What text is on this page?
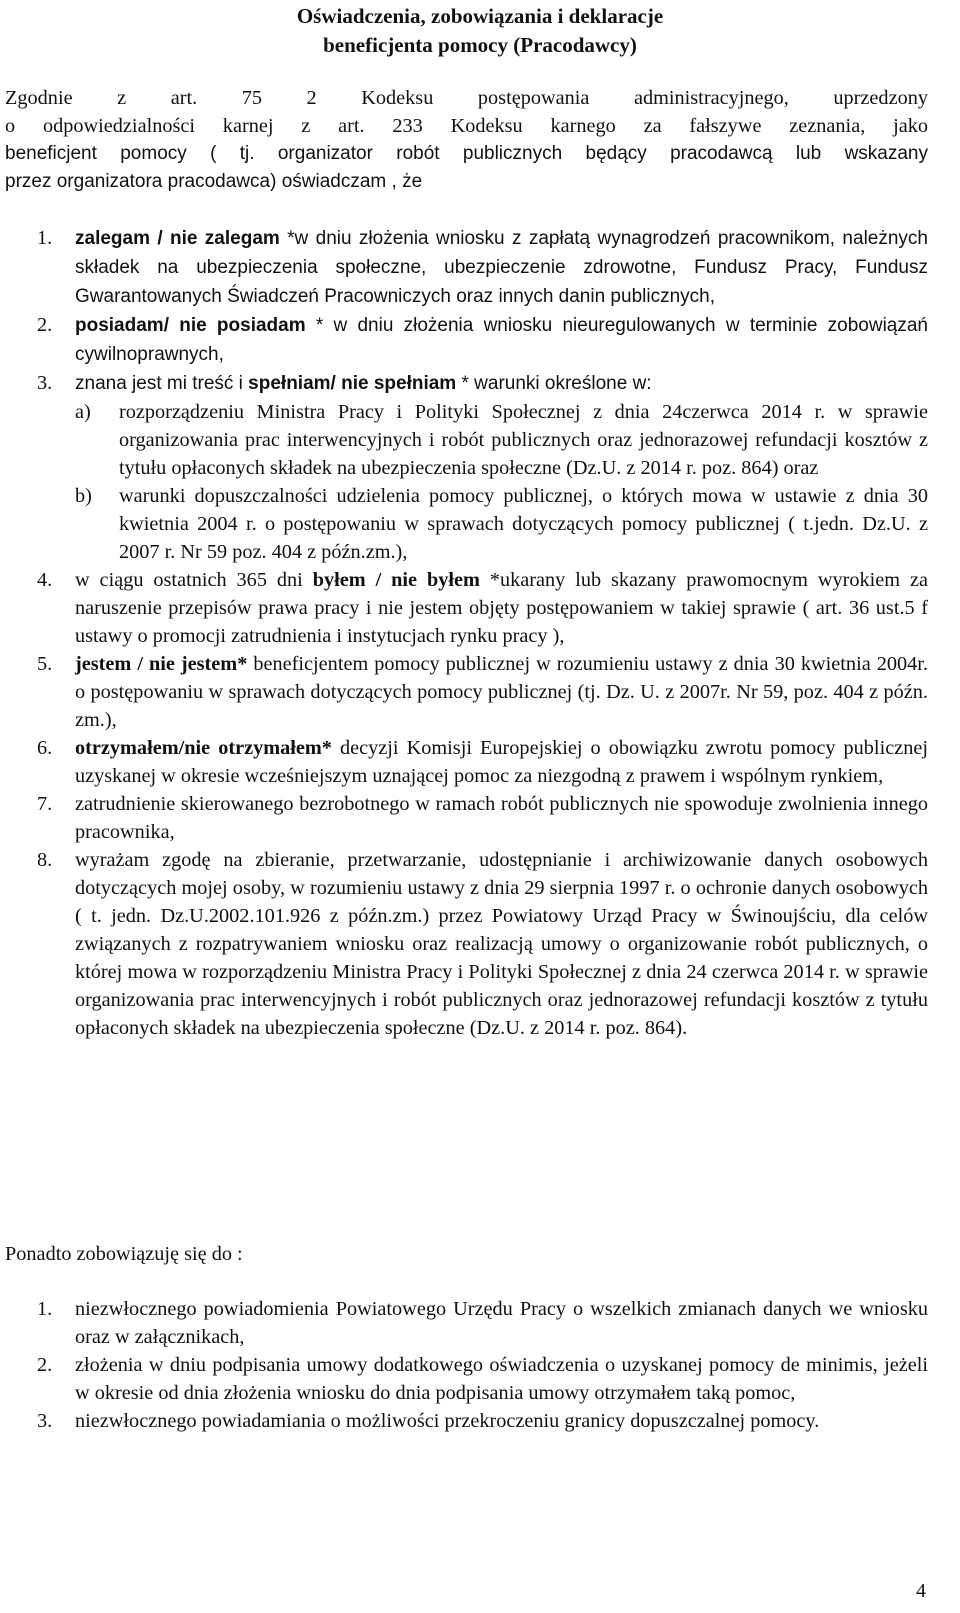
Oświadczenia, zobowiązania i deklaracje
beneficjenta pomocy (Pracodawcy)
Zgodnie z art. 75 2 Kodeksu postępowania administracyjnego, uprzedzony
o odpowiedzialności karnej z art. 233 Kodeksu karnego za fałszywe zeznania, jako
beneficjent pomocy ( tj. organizator robót publicznych będący pracodawcą lub wskazany
przez organizatora pracodawca) oświadczam , że
1. zalegam / nie zalegam *w dniu złożenia wniosku z zapłatą wynagrodzeń pracownikom, należnych składek na ubezpieczenia społeczne, ubezpieczenie zdrowotne, Fundusz Pracy, Fundusz Gwarantowanych Świadczeń Pracowniczych oraz innych danin publicznych,
2. posiadam/ nie posiadam * w dniu złożenia wniosku nieuregulowanych w terminie zobowiązań cywilnoprawnych,
3. znana jest mi treść i spełniam/ nie spełniam * warunki określone w:
a) rozporządzeniu Ministra Pracy i Polityki Społecznej z dnia 24czerwca 2014 r. w sprawie organizowania prac interwencyjnych i robót publicznych oraz jednorazowej refundacji kosztów z tytułu opłaconych składek na ubezpieczenia społeczne (Dz.U. z 2014 r. poz. 864) oraz
b) warunki dopuszczalności udzielenia pomocy publicznej, o których mowa w ustawie z dnia 30 kwietnia 2004 r. o postępowaniu w sprawach dotyczących pomocy publicznej ( t.jedn. Dz.U. z 2007 r. Nr 59 poz. 404 z późn.zm.),
4. w ciągu ostatnich 365 dni byłem / nie byłem *ukarany lub skazany prawomocnym wyrokiem za naruszenie przepisów prawa pracy i nie jestem objęty postępowaniem w takiej sprawie ( art. 36 ust.5 f ustawy o promocji zatrudnienia i instytucjach rynku pracy ),
5. jestem / nie jestem* beneficjentem pomocy publicznej w rozumieniu ustawy z dnia 30 kwietnia 2004r. o postępowaniu w sprawach dotyczących pomocy publicznej (tj. Dz. U. z 2007r. Nr 59, poz. 404 z późn. zm.),
6. otrzymałem/nie otrzymałem* decyzji Komisji Europejskiej o obowiązku zwrotu pomocy publicznej uzyskanej w okresie wcześniejszym uznającej pomoc za niezgodną z prawem i wspólnym rynkiem,
7. zatrudnienie skierowanego bezrobotnego w ramach robót publicznych nie spowoduje zwolnienia innego pracownika,
8. wyrażam zgodę na zbieranie, przetwarzanie, udostępnianie i archiwizowanie danych osobowych dotyczących mojej osoby, w rozumieniu ustawy z dnia 29 sierpnia 1997 r. o ochronie danych osobowych ( t. jedn. Dz.U.2002.101.926 z późn.zm.) przez Powiatowy Urząd Pracy w Świnoujściu, dla celów związanych z rozpatrywaniem wniosku oraz realizacją umowy o organizowanie robót publicznych, o której mowa w rozporządzeniu Ministra Pracy i Polityki Społecznej z dnia 24 czerwca 2014 r. w sprawie organizowania prac interwencyjnych i robót publicznych oraz jednorazowej refundacji kosztów z tytułu opłaconych składek na ubezpieczenia społeczne (Dz.U. z 2014 r. poz. 864).
Ponadto zobowiązuję się do :
1. niezwłocznego powiadomienia Powiatowego Urzędu Pracy o wszelkich zmianach danych we wniosku oraz w załącznikach,
2. złożenia w dniu podpisania umowy dodatkowego oświadczenia o uzyskanej pomocy de minimis, jeżeli w okresie od dnia złożenia wniosku do dnia podpisania umowy otrzymałem taką pomoc,
3. niezwłocznego powiadamiania o możliwości przekroczeniu granicy dopuszczalnej pomocy.
4
